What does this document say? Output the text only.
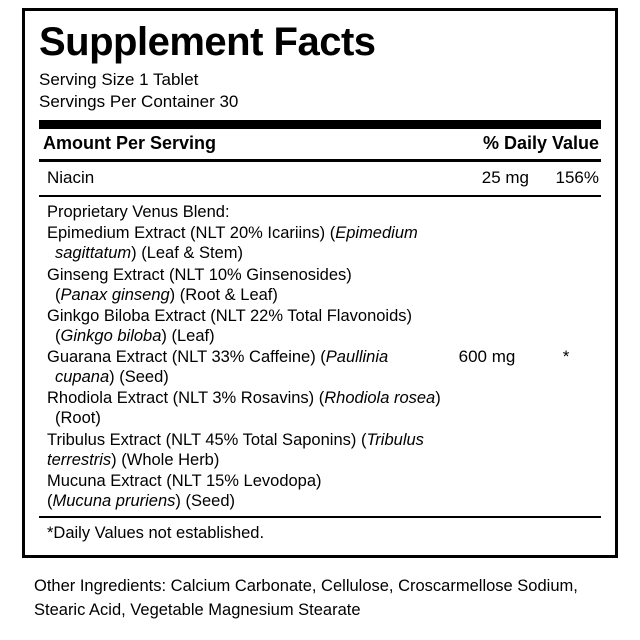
Supplement Facts
Serving Size 1 Tablet
Servings Per Container 30
Amount Per Serving	% Daily Value
Niacin	25 mg	156%
Proprietary Venus Blend:
Epimedium Extract (NLT 20% Icariins) (Epimedium
sagittatum) (Leaf & Stem)
Ginseng Extract (NLT 10% Ginsenosides)
(Panax ginseng) (Root & Leaf)
Ginkgo Biloba Extract (NLT 22% Total Flavonoids)
(Ginkgo biloba) (Leaf)
Guarana Extract (NLT 33% Caffeine) (Paullinia
cupana) (Seed)
Rhodiola Extract (NLT 3% Rosavins) (Rhodiola rosea)
(Root)
Tribulus Extract (NLT 45% Total Saponins) (Tribulus
terrestris) (Whole Herb)
Mucuna Extract (NLT 15% Levodopa)
(Mucuna pruriens) (Seed)
600 mg	*
*Daily Values not established.
Other Ingredients: Calcium Carbonate, Cellulose, Croscarmellose Sodium, Stearic Acid, Vegetable Magnesium Stearate
